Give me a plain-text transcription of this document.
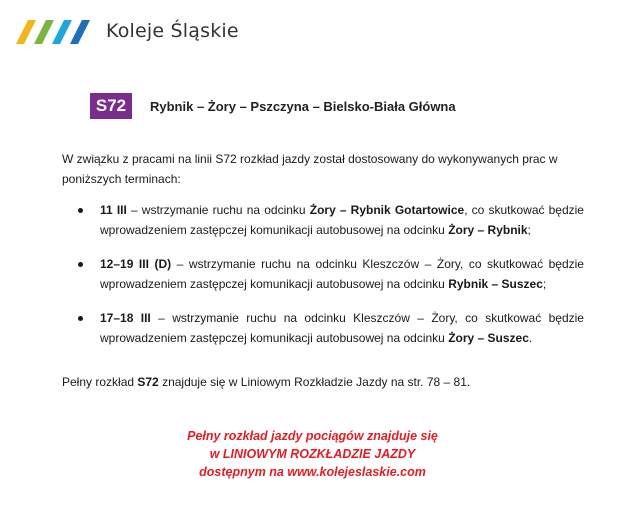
Koleje Śląskie
S72	Rybnik – Żory – Pszczyna – Bielsko-Biała Główna
W związku z pracami na linii S72 rozkład jazdy został dostosowany do wykonywanych prac w poniższych terminach:
11 III – wstrzymanie ruchu na odcinku Żory – Rybnik Gotartowice, co skutkować będzie wprowadzeniem zastępczej komunikacji autobusowej na odcinku Żory – Rybnik;
12–19 III (D) – wstrzymanie ruchu na odcinku Kleszczów – Żory, co skutkować będzie wprowadzeniem zastępczej komunikacji autobusowej na odcinku Rybnik – Suszec;
17–18 III – wstrzymanie ruchu na odcinku Kleszczów – Żory, co skutkować będzie wprowadzeniem zastępczej komunikacji autobusowej na odcinku Żory – Suszec.
Pełny rozkład S72 znajduje się w Liniowym Rozkładzie Jazdy na str. 78 – 81.
Pełny rozkład jazdy pociągów znajduje się
w LINIOWYM ROZKŁADZIE JAZDY
dostępnym na www.kolejeslaskie.com
